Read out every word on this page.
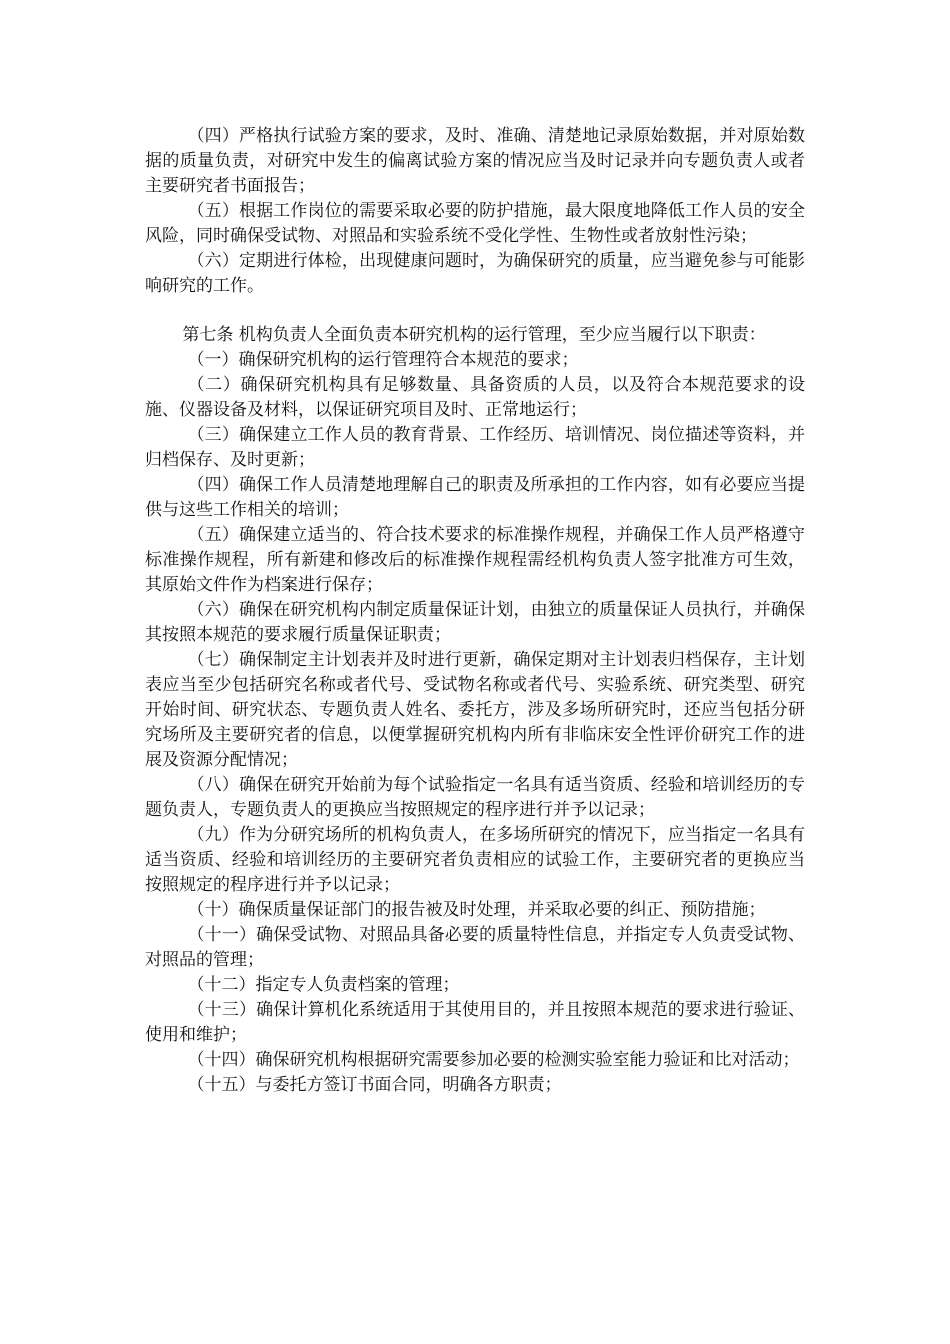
（四）严格执行试验方案的要求，及时、准确、清楚地记录原始数据，并对原始数据的质量负责，对研究中发生的偏离试验方案的情况应当及时记录并向专题负责人或者主要研究者书面报告；

（五）根据工作岗位的需要采取必要的防护措施，最大限度地降低工作人员的安全风险，同时确保受试物、对照品和实验系统不受化学性、生物性或者放射性污染；

（六）定期进行体检，出现健康问题时，为确保研究的质量，应当避免参与可能影响研究的工作。

第七条 机构负责人全面负责本研究机构的运行管理，至少应当履行以下职责：

（一）确保研究机构的运行管理符合本规范的要求；

（二）确保研究机构具有足够数量、具备资质的人员，以及符合本规范要求的设施、仪器设备及材料，以保证研究项目及时、正常地运行；

（三）确保建立工作人员的教育背景、工作经历、培训情况、岗位描述等资料，并归档保存、及时更新；

（四）确保工作人员清楚地理解自己的职责及所承担的工作内容，如有必要应当提供与这些工作相关的培训；

（五）确保建立适当的、符合技术要求的标准操作规程，并确保工作人员严格遵守标准操作规程，所有新建和修改后的标准操作规程需经机构负责人签字批准方可生效，其原始文件作为档案进行保存；

（六）确保在研究机构内制定质量保证计划，由独立的质量保证人员执行，并确保其按照本规范的要求履行质量保证职责；

（七）确保制定主计划表并及时进行更新，确保定期对主计划表归档保存，主计划表应当至少包括研究名称或者代号、受试物名称或者代号、实验系统、研究类型、研究开始时间、研究状态、专题负责人姓名、委托方，涉及多场所研究时，还应当包括分研究场所及主要研究者的信息，以便掌握研究机构内所有非临床安全性评价研究工作的进展及资源分配情况；

（八）确保在研究开始前为每个试验指定一名具有适当资质、经验和培训经历的专题负责人，专题负责人的更换应当按照规定的程序进行并予以记录；

（九）作为分研究场所的机构负责人，在多场所研究的情况下，应当指定一名具有适当资质、经验和培训经历的主要研究者负责相应的试验工作，主要研究者的更换应当按照规定的程序进行并予以记录；

（十）确保质量保证部门的报告被及时处理，并采取必要的纠正、预防措施；

（十一）确保受试物、对照品具备必要的质量特性信息，并指定专人负责受试物、对照品的管理；

（十二）指定专人负责档案的管理；

（十三）确保计算机化系统适用于其使用目的，并且按照本规范的要求进行验证、使用和维护；

（十四）确保研究机构根据研究需要参加必要的检测实验室能力验证和比对活动；

（十五）与委托方签订书面合同，明确各方职责；
